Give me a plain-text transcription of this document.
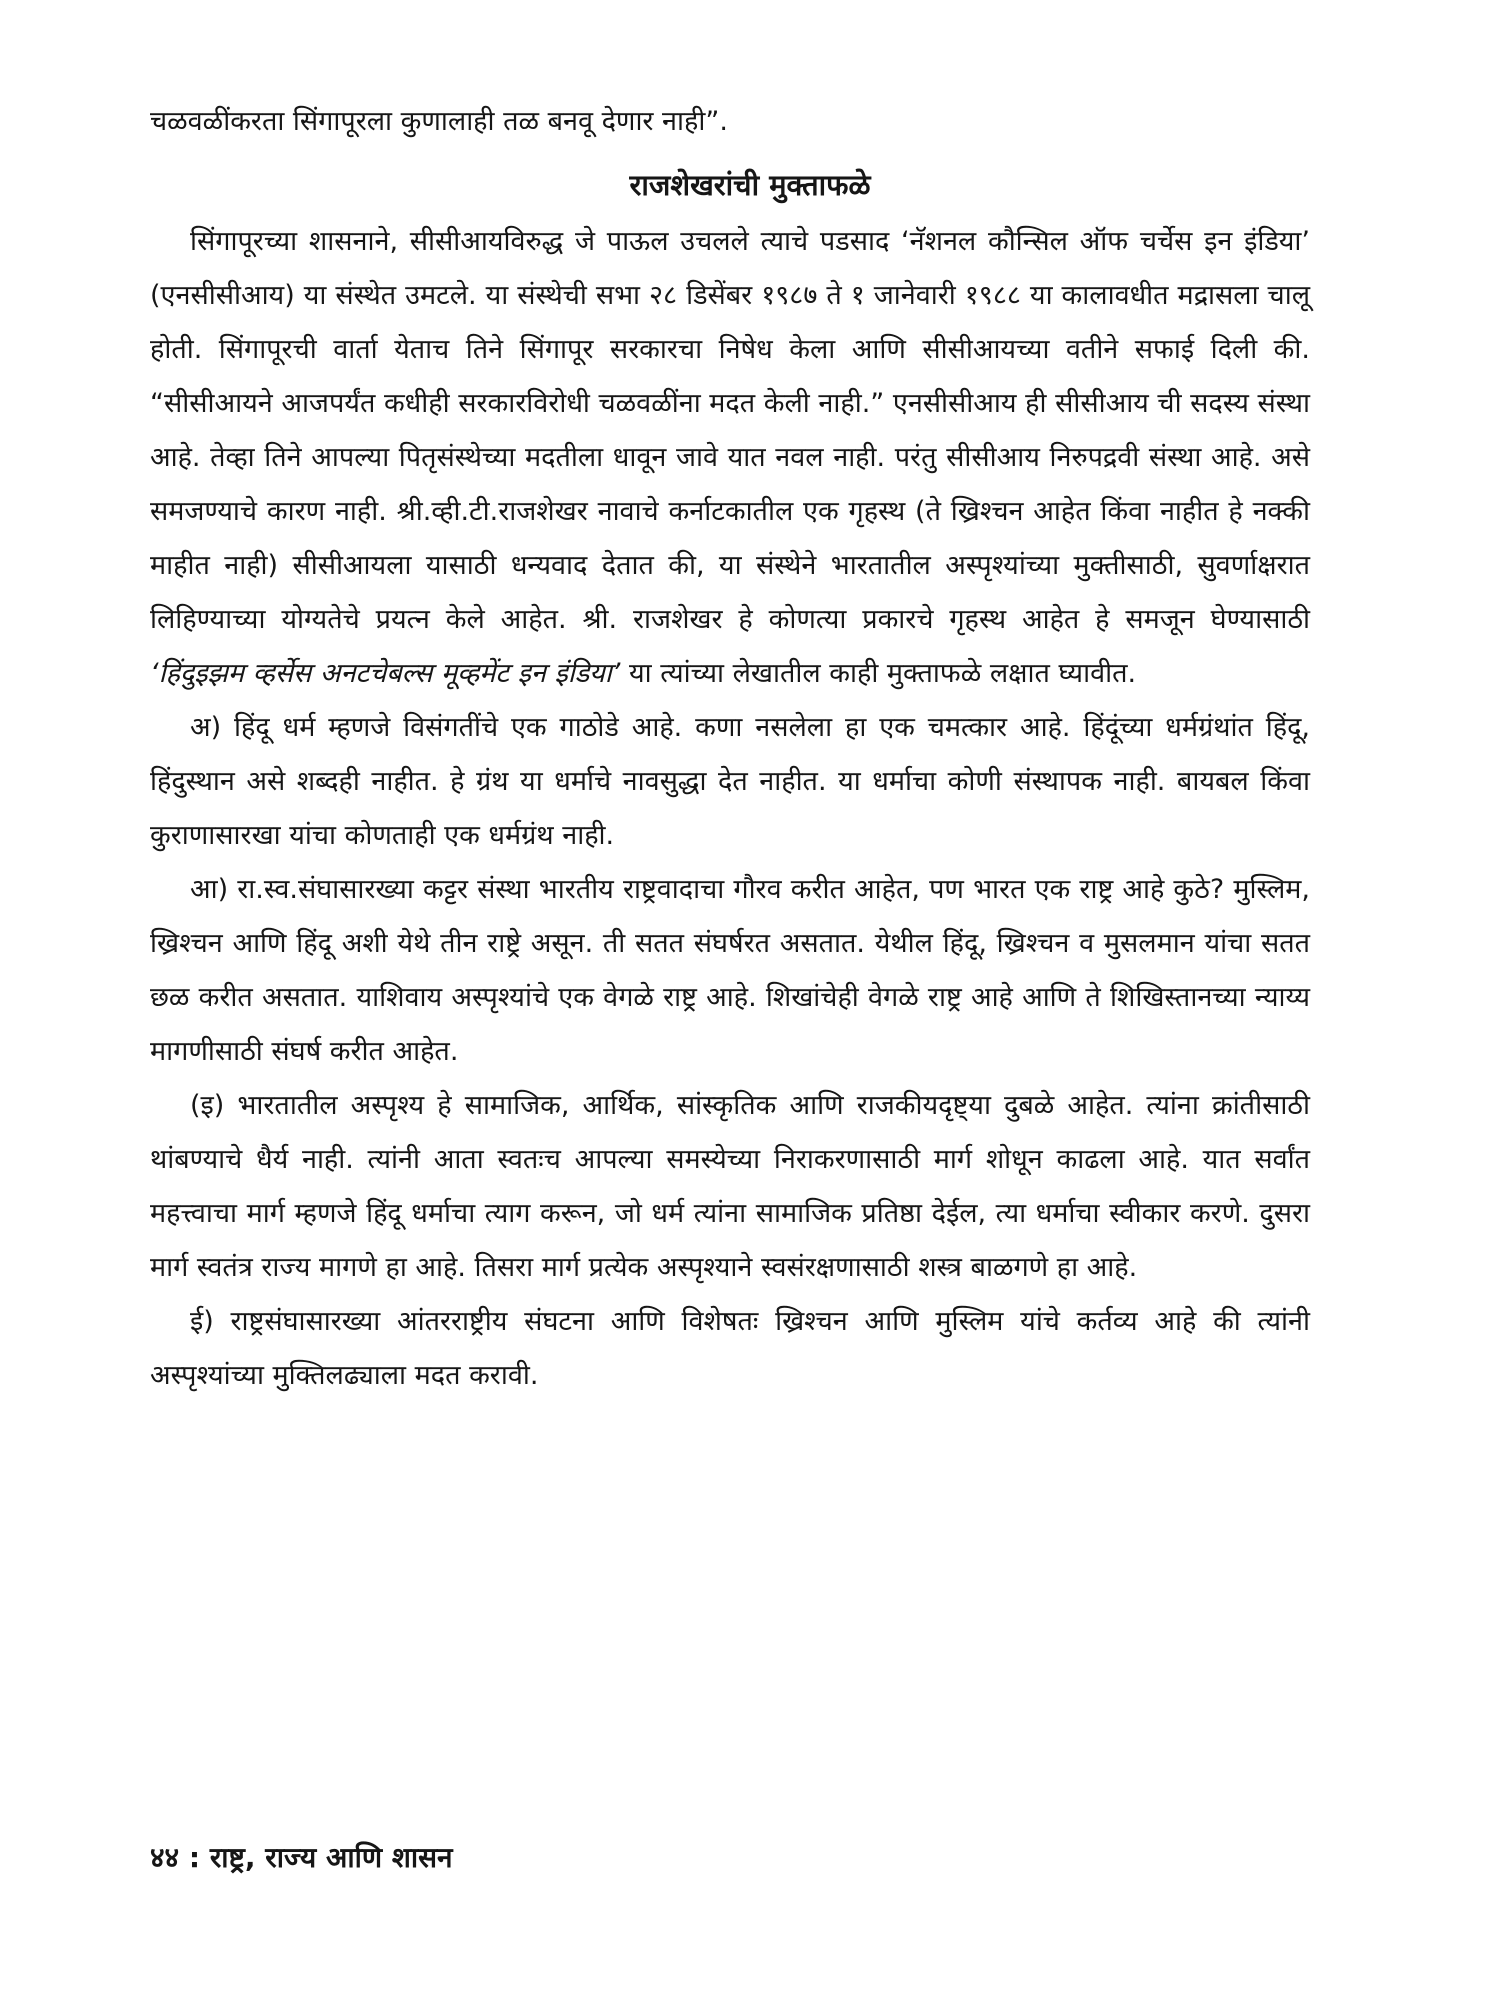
चळवळींकरता सिंगापूरला कुणालाही तळ बनवू देणार नाही”.
राजशेखरांची मुक्ताफळे

सिंगापूरच्या शासनाने, सीसीआयविरुद्ध जे पाऊल उचलले त्याचे पडसाद ‘नॅशनल कौन्सिल ऑफ चर्चेस इन इंडिया’ (एनसीसीआय) या संस्थेत उमटले. या संस्थेची सभा २८ डिसेंबर १९८७ ते १ जानेवारी १९८८ या कालावधीत मद्रासला चालू होती. सिंगापूरची वार्ता येताच तिने सिंगापूर सरकारचा निषेध केला आणि सीसीआयच्या वतीने सफाई दिली की. “सीसीआयने आजपर्यंत कधीही सरकारविरोधी चळवळींना मदत केली नाही.” एनसीसीआय ही सीसीआय ची सदस्य संस्था आहे. तेव्हा तिने आपल्या पितृसंस्थेच्या मदतीला धावून जावे यात नवल नाही. परंतु सीसीआय निरुपद्रवी संस्था आहे. असे समजण्याचे कारण नाही. श्री.व्ही.टी.राजशेखर नावाचे कर्नाटकातील एक गृहस्थ (ते ख्रिश्चन आहेत किंवा नाहीत हे नक्की माहीत नाही) सीसीआयला यासाठी धन्यवाद देतात की, या संस्थेने भारतातील अस्पृश्यांच्या मुक्तीसाठी, सुवर्णाक्षरात लिहिण्याच्या योग्यतेचे प्रयत्न केले आहेत. श्री. राजशेखर हे कोणत्या प्रकारचे गृहस्थ आहेत हे समजून घेण्यासाठी ‘हिंदुइझम व्हर्सेस अनटचेबल्स मूव्हमेंट इन इंडिया’ या त्यांच्या लेखातील काही मुक्ताफळे लक्षात घ्यावीत.

अ) हिंदू धर्म म्हणजे विसंगतींचे एक गाठोडे आहे. कणा नसलेला हा एक चमत्कार आहे. हिंदूंच्या धर्मग्रंथांत हिंदू, हिंदुस्थान असे शब्दही नाहीत. हे ग्रंथ या धर्माचे नावसुद्धा देत नाहीत. या धर्माचा कोणी संस्थापक नाही. बायबल किंवा कुराणासारखा यांचा कोणताही एक धर्मग्रंथ नाही.

आ) रा.स्व.संघासारख्या कट्टर संस्था भारतीय राष्ट्रवादाचा गौरव करीत आहेत, पण भारत एक राष्ट्र आहे कुठे? मुस्लिम, ख्रिश्चन आणि हिंदू अशी येथे तीन राष्ट्रे असून. ती सतत संघर्षरत असतात. येथील हिंदू, ख्रिश्चन व मुसलमान यांचा सतत छळ करीत असतात. याशिवाय अस्पृश्यांचे एक वेगळे राष्ट्र आहे. शिखांचेही वेगळे राष्ट्र आहे आणि ते शिखिस्तानच्या न्याय्य मागणीसाठी संघर्ष करीत आहेत.

(इ) भारतातील अस्पृश्य हे सामाजिक, आर्थिक, सांस्कृतिक आणि राजकीयदृष्ट्या दुबळे आहेत. त्यांना क्रांतीसाठी थांबण्याचे धैर्य नाही. त्यांनी आता स्वतःच आपल्या समस्येच्या निराकरणासाठी मार्ग शोधून काढला आहे. यात सर्वांत महत्त्वाचा मार्ग म्हणजे हिंदू धर्माचा त्याग करून, जो धर्म त्यांना सामाजिक प्रतिष्ठा देईल, त्या धर्माचा स्वीकार करणे. दुसरा मार्ग स्वतंत्र राज्य मागणे हा आहे. तिसरा मार्ग प्रत्येक अस्पृश्याने स्वसंरक्षणासाठी शस्त्र बाळगणे हा आहे.

ई) राष्ट्रसंघासारख्या आंतरराष्ट्रीय संघटना आणि विशेषतः ख्रिश्चन आणि मुस्लिम यांचे कर्तव्य आहे की त्यांनी अस्पृश्यांच्या मुक्तिलढ्याला मदत करावी.

४४ : राष्ट्र, राज्य आणि शासन
